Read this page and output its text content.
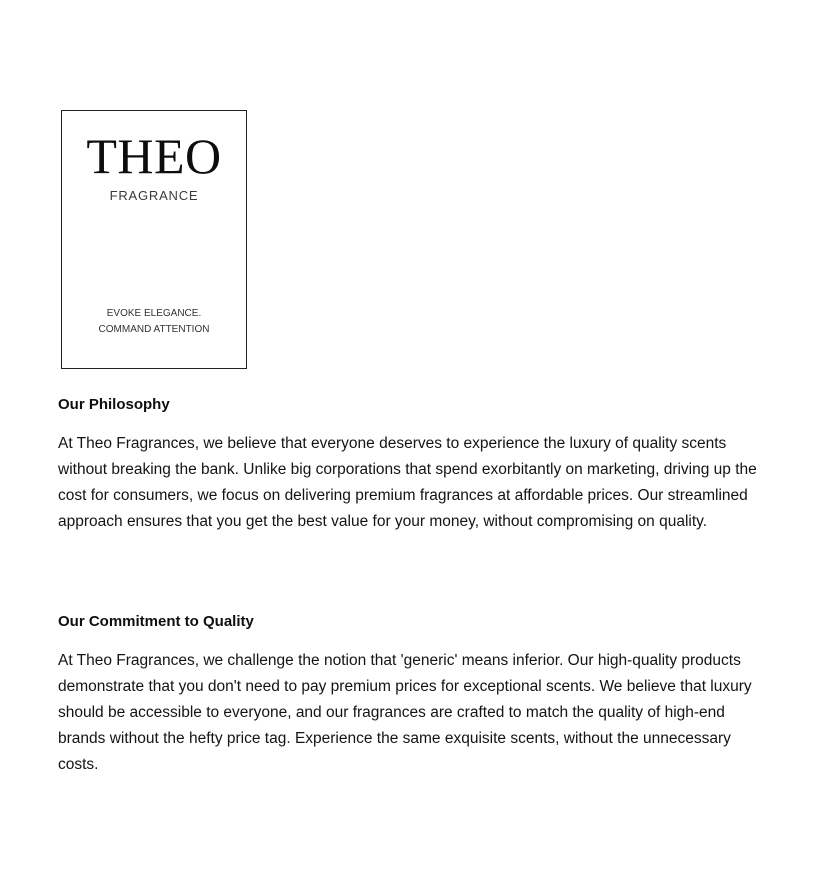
THEO
FRAGRANCE
EVOKE ELEGANCE.
COMMAND ATTENTION
Our Philosophy

At Theo Fragrances, we believe that everyone deserves to experience the luxury of quality scents without breaking the bank. Unlike big corporations that spend exorbitantly on marketing, driving up the cost for consumers, we focus on delivering premium fragrances at affordable prices. Our streamlined approach ensures that you get the best value for your money, without compromising on quality.

Our Commitment to Quality

At Theo Fragrances, we challenge the notion that 'generic' means inferior. Our high-quality products demonstrate that you don't need to pay premium prices for exceptional scents. We believe that luxury should be accessible to everyone, and our fragrances are crafted to match the quality of high-end brands without the hefty price tag. Experience the same exquisite scents, without the unnecessary costs.
